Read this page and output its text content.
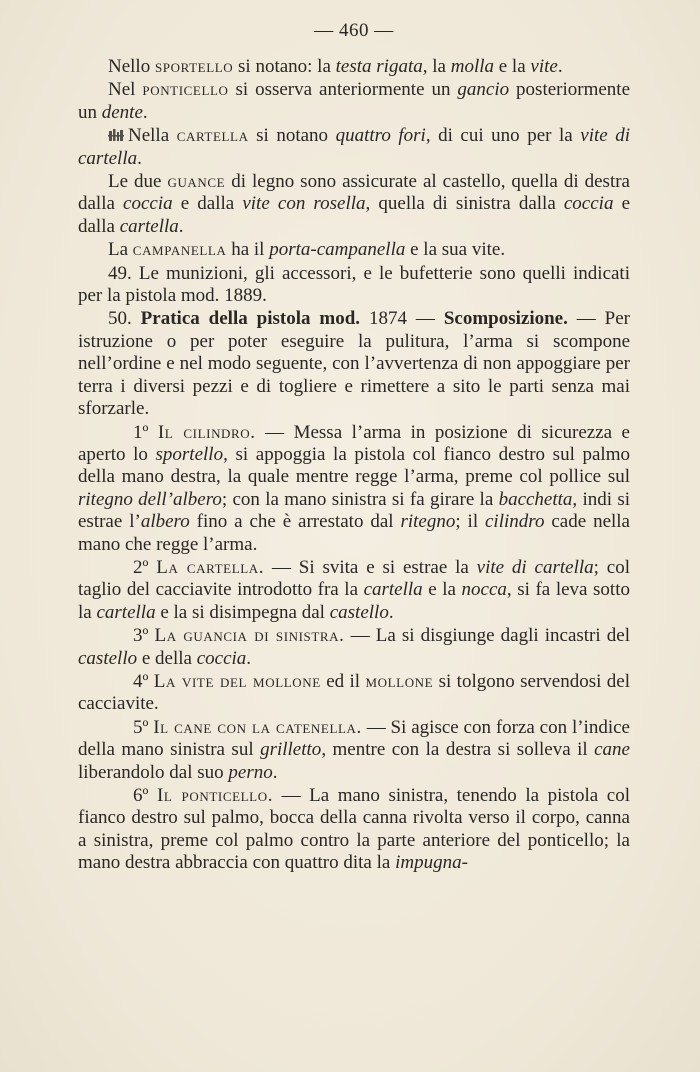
— 460 —

Nello sportello si notano: la testa rigata, la molla e la vite.

Nel ponticello si osserva anteriormente un gancio posteriormente un dente.

Nella cartella si notano quattro fori, di cui uno per la vite di cartella.

Le due guance di legno sono assicurate al castello, quella di destra dalla coccia e dalla vite con rosella, quella di sinistra dalla coccia e dalla cartella.

La campanella ha il porta-campanella e la sua vite.

49. Le munizioni, gli accessori, e le bufetterie sono quelli indicati per la pistola mod. 1889.

50. Pratica della pistola mod. 1874 — Scomposizione. — Per istruzione o per poter eseguire la pulitura, l’arma si scompone nell’ordine e nel modo seguente, con l’avvertenza di non appoggiare per terra i diversi pezzi e di togliere e rimettere a sito le parti senza mai sforzarle.

1º Il cilindro. — Messa l’arma in posizione di sicurezza e aperto lo sportello, si appoggia la pistola col fianco destro sul palmo della mano destra, la quale mentre regge l’arma, preme col pollice sul ritegno dell’albero; con la mano sinistra si fa girare la bacchetta, indi si estrae l’albero fino a che è arrestato dal ritegno; il cilindro cade nella mano che regge l’arma.

2º La cartella. — Si svita e si estrae la vite di cartella; col taglio del cacciavite introdotto fra la cartella e la nocca, si fa leva sotto la cartella e la si disimpegna dal castello.

3º La guancia di sinistra. — La si disgiunge dagli incastri del castello e della coccia.

4º La vite del mollone ed il mollone si tolgono servendosi del cacciavite.

5º Il cane con la catenella. — Si agisce con forza con l’indice della mano sinistra sul grilletto, mentre con la destra si solleva il cane liberandolo dal suo perno.

6º Il ponticello. — La mano sinistra, tenendo la pistola col fianco destro sul palmo, bocca della canna rivolta verso il corpo, canna a sinistra, preme col palmo contro la parte anteriore del ponticello; la mano destra abbraccia con quattro dita la impugna-
